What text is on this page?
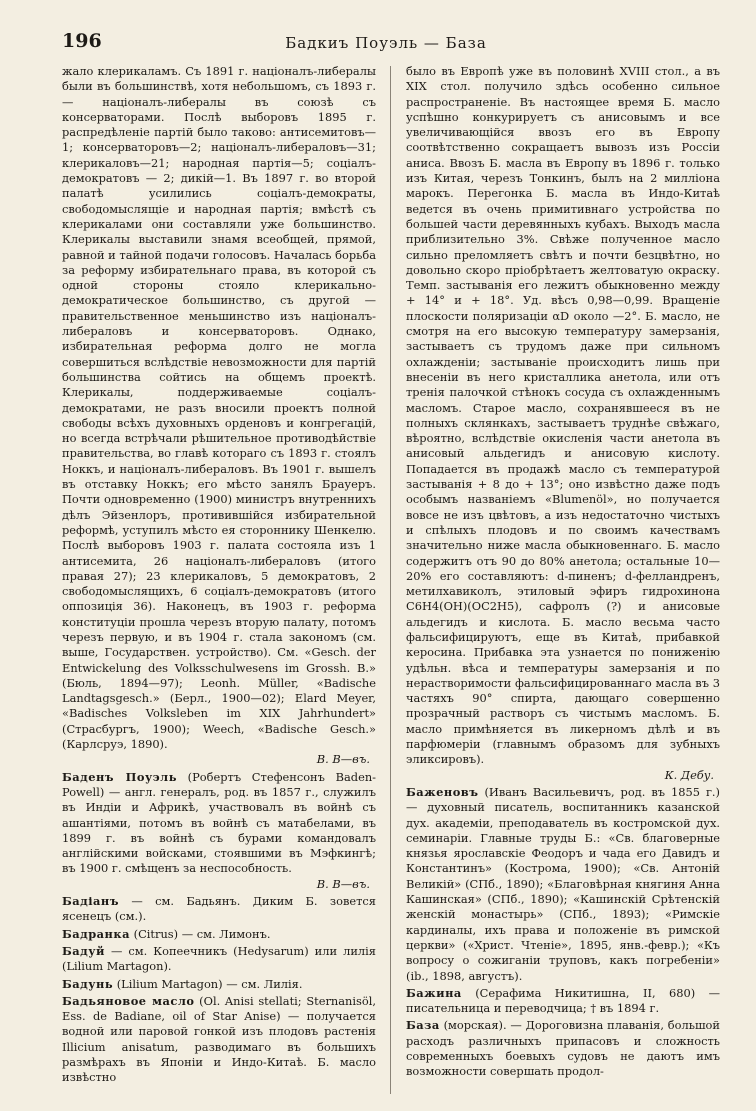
196	Бадкиъ Поуэль — База

жало клерикаламъ. Съ 1891 г. націоналъ-либералы были въ большинствѣ, хотя небольшомъ, съ 1893 г. — націоналъ-либералы въ союзѣ съ консерваторами. Послѣ выборовъ 1895 г. распредѣленіе партій было таково: антисемитовъ—1; консерваторовъ—2; націоналъ-либераловъ—31; клерикаловъ—21; народная партія—5; соціалъ-демократовъ — 2; дикій—1. Въ 1897 г. во второй палатѣ усилились соціалъ-демократы, свободомыслящіе и народная партія; вмѣстѣ съ клерикалами они составляли уже большинство. Клерикалы выставили знамя всеобщей, прямой, равной и тайной подачи голосовъ. Началась борьба за реформу избирательнаго права, въ которой съ одной стороны стояло клерикально-демократическое большинство, съ другой — правительственное меньшинство изъ націоналъ-либераловъ и консерваторовъ. Однако, избирательная реформа долго не могла совершиться вслѣдствіе невозможности для партій большинства сойтись на общемъ проектѣ. Клерикалы, поддерживаемые соціалъ-демократами, не разъ вносили проектъ полной свободы всѣхъ духовныхъ орденовъ и конгрегацій, но всегда встрѣчали рѣшительное противодѣйствіе правительства, во главѣ котораго съ 1893 г. стоялъ Ноккъ, и націоналъ-либераловъ. Въ 1901 г. вышелъ въ отставку Ноккъ; его мѣсто занялъ Брауеръ. Почти одновременно (1900) министръ внутреннихъ дѣлъ Эйзенлоръ, противившійся избирательной реформѣ, уступилъ мѣсто ея стороннику Шенкелю. Послѣ выборовъ 1903 г. палата состояла изъ 1 антисемита, 26 націоналъ-либераловъ (итого правая 27); 23 клерикаловъ, 5 демократовъ, 2 свободомыслящихъ, 6 соціалъ-демократовъ (итого оппозиція 36). Наконецъ, въ 1903 г. реформа конституціи прошла черезъ вторую палату, потомъ черезъ первую, и въ 1904 г. стала закономъ (см. выше, Государствен. устройство). См. «Gesch. der Entwickelung des Volksschulwesens im Grossh. B.» (Бюль, 1894—97); Leonh. Müller, «Badische Landtagsgesch.» (Берл., 1900—02); Elard Meyer, «Badisches Volksleben im XIX Jahrhundert» (Страсбургъ, 1900); Weech, «Badische Gesch.» (Карлсруэ, 1890).

В. В—въ.

Баденъ Поуэль (Робертъ Стефенсонъ Baden-Powell) — англ. генералъ, род. въ 1857 г., служилъ въ Индіи и Африкѣ, участвовалъ въ войнѣ съ ашантіями, потомъ въ войнѣ съ матабелами, въ 1899 г. въ войнѣ съ бурами командовалъ англійскими войсками, стоявшими въ Мэфкингѣ; въ 1900 г. смѣщенъ за неспособность.

В. В—въ.

Бадіанъ — см. Бадьянъ. Диким Б. зовется ясенецъ (см.).

Бадранка (Citrus) — см. Лимонъ.

Бадуй — см. Копеечникъ (Hedysarum) или лилія (Lilium Martagon).

Бадунь (Lilium Martagon) — см. Лилія.

Бадьяновое масло (Ol. Anisi stellati; Sternanisöl, Ess. de Badiane, oil of Star Anise) — получается водной или паровой гонкой изъ плодовъ растенія Illicium anisatum, разводимаго въ большихъ размѣрахъ въ Японіи и Индо-Китаѣ. Б. масло извѣстно

было въ Европѣ уже въ половинѣ XVIII стол., а въ XIX стол. получило здѣсь особенно сильное распространеніе. Въ настоящее время Б. масло успѣшно конкурируетъ съ анисовымъ и все увеличивающійся ввозъ его въ Европу соотвѣтственно сокращаетъ вывозъ изъ Россіи аниса. Ввозъ Б. масла въ Европу въ 1896 г. только изъ Китая, черезъ Тонкинъ, былъ на 2 милліона марокъ. Перегонка Б. масла въ Индо-Китаѣ ведется въ очень примитивнаго устройства по большей части деревянныхъ кубахъ. Выходъ масла приблизительно 3%. Свѣже полученное масло сильно преломляетъ свѣтъ и почти безцвѣтно, но довольно скоро пріобрѣтаетъ желтоватую окраску. Темп. застыванія его лежитъ обыкновенно между + 14° и + 18°. Уд. вѣсъ 0,98—0,99. Вращеніе плоскости поляризаціи αD около —2°. Б. масло, не смотря на его высокую температуру замерзанія, застываетъ съ трудомъ даже при сильномъ охлажденіи; застываніе происходитъ лишь при внесеніи въ него кристаллика анетола, или отъ тренія палочкой стѣнокъ сосуда съ охлажденнымъ масломъ. Старое масло, сохранявшееся въ не полныхъ склянкахъ, застываетъ труднѣе свѣжаго, вѣроятно, вслѣдствіе окисленія части анетола въ анисовый альдегидъ и анисовую кислоту. Попадается въ продажѣ масло съ температурой застыванія + 8 до + 13°; оно извѣстно даже подъ особымъ названіемъ «Blumenöl», но получается вовсе не изъ цвѣтовъ, а изъ недостаточно чистыхъ и спѣлыхъ плодовъ и по своимъ качествамъ значительно ниже масла обыкновеннаго. Б. масло содержитъ отъ 90 до 80% анетола; остальные 10—20% его составляютъ: d-пиненъ; d-фелландренъ, метилхавиколъ, этиловый эфиръ гидрохинона C6H4(OH)(OC2H5), сафролъ (?) и анисовые альдегидъ и кислота. Б. масло весьма часто фальсифицируютъ, еще въ Китаѣ, прибавкой керосина. Прибавка эта узнается по пониженію удѣльн. вѣса и температуры замерзанія и по нерастворимости фальсифицированнаго масла въ 3 частяхъ 90° спирта, дающаго совершенно прозрачный растворъ съ чистымъ масломъ. Б. масло примѣняется въ ликерномъ дѣлѣ и въ парфюмеріи (главнымъ образомъ для зубныхъ эликсировъ).

К. Дебу.

Баженовъ (Иванъ Васильевичъ, род. въ 1855 г.) — духовный писатель, воспитанникъ казанской дух. академіи, преподаватель въ костромской дух. семинаріи. Главные труды Б.: «Св. благоверные князья ярославскіе Феодоръ и чада его Давидъ и Константинъ» (Кострома, 1900); «Св. Антоній Великій» (СПб., 1890); «Благовѣрная княгиня Анна Кашинская» (СПб., 1890); «Кашинскій Срѣтенскій женскій монастырь» (СПб., 1893); «Римскіе кардиналы, ихъ права и положеніе въ римской церкви» («Христ. Чтеніе», 1895, янв.-февр.); «Къ вопросу о сожиганіи труповъ, какъ погребеніи» (ib., 1898, августъ).

Бажина (Серафима Никитишна, II, 680) — писательница и переводчица; † въ 1894 г.

База (морская). — Дороговизна плаванія, большой расходъ различныхъ припасовъ и сложность современныхъ боевыхъ судовъ не даютъ имъ возможности совершать продол-
